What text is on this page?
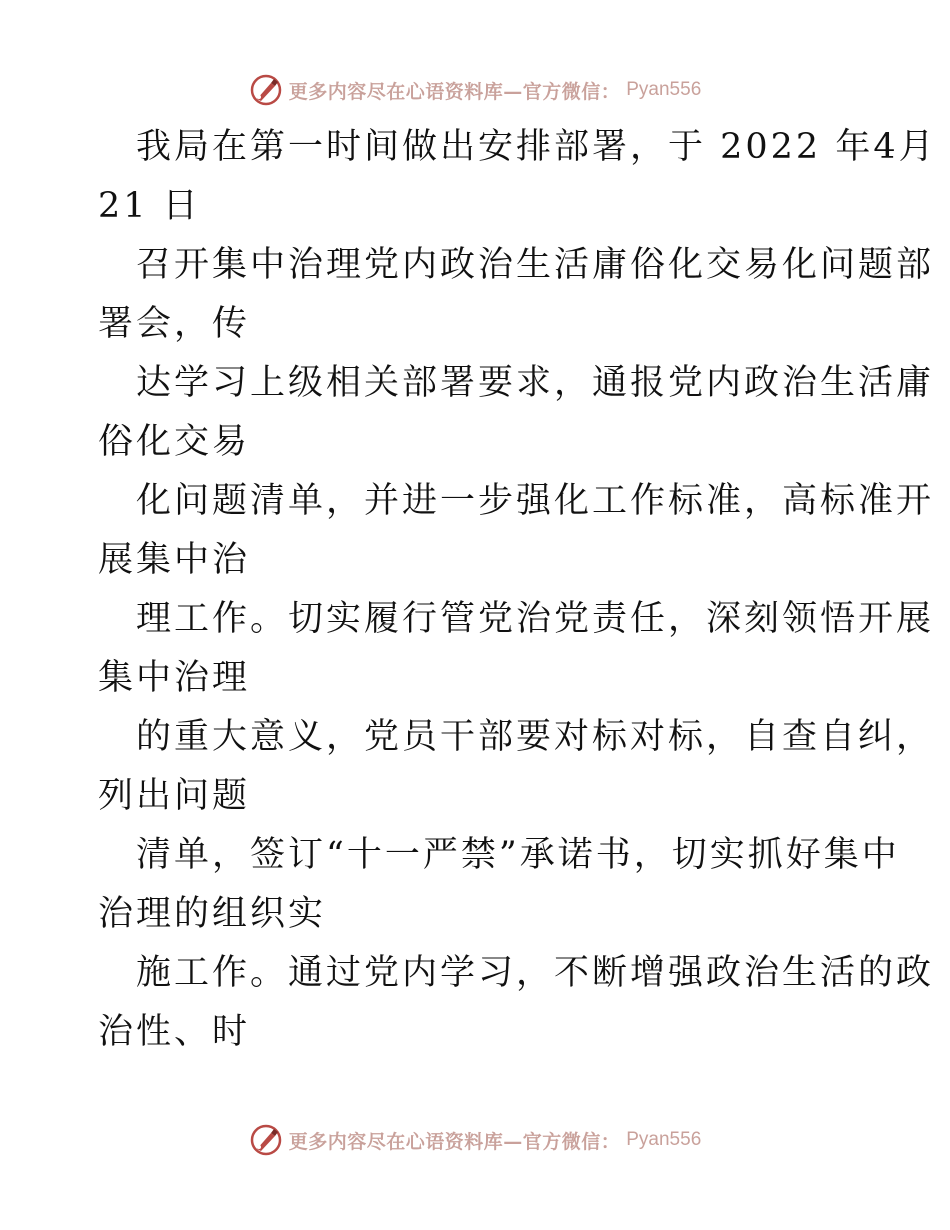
更多内容尽在心语资料库—官方微信： Pyan556
我局在第一时间做出安排部署，于 2022 年4月
21 日
召开集中治理党内政治生活庸俗化交易化问题部
署会，传
达学习上级相关部署要求，通报党内政治生活庸
俗化交易
化问题清单，并进一步强化工作标准，高标准开
展集中治
理工作。切实履行管党治党责任，深刻领悟开展
集中治理
的重大意义，党员干部要对标对标，自查自纠，
列出问题
清单，签订“十一严禁”承诺书，切实抓好集中
治理的组织实
施工作。通过党内学习，不断增强政治生活的政
治性、时
更多内容尽在心语资料库—官方微信： Pyan556
